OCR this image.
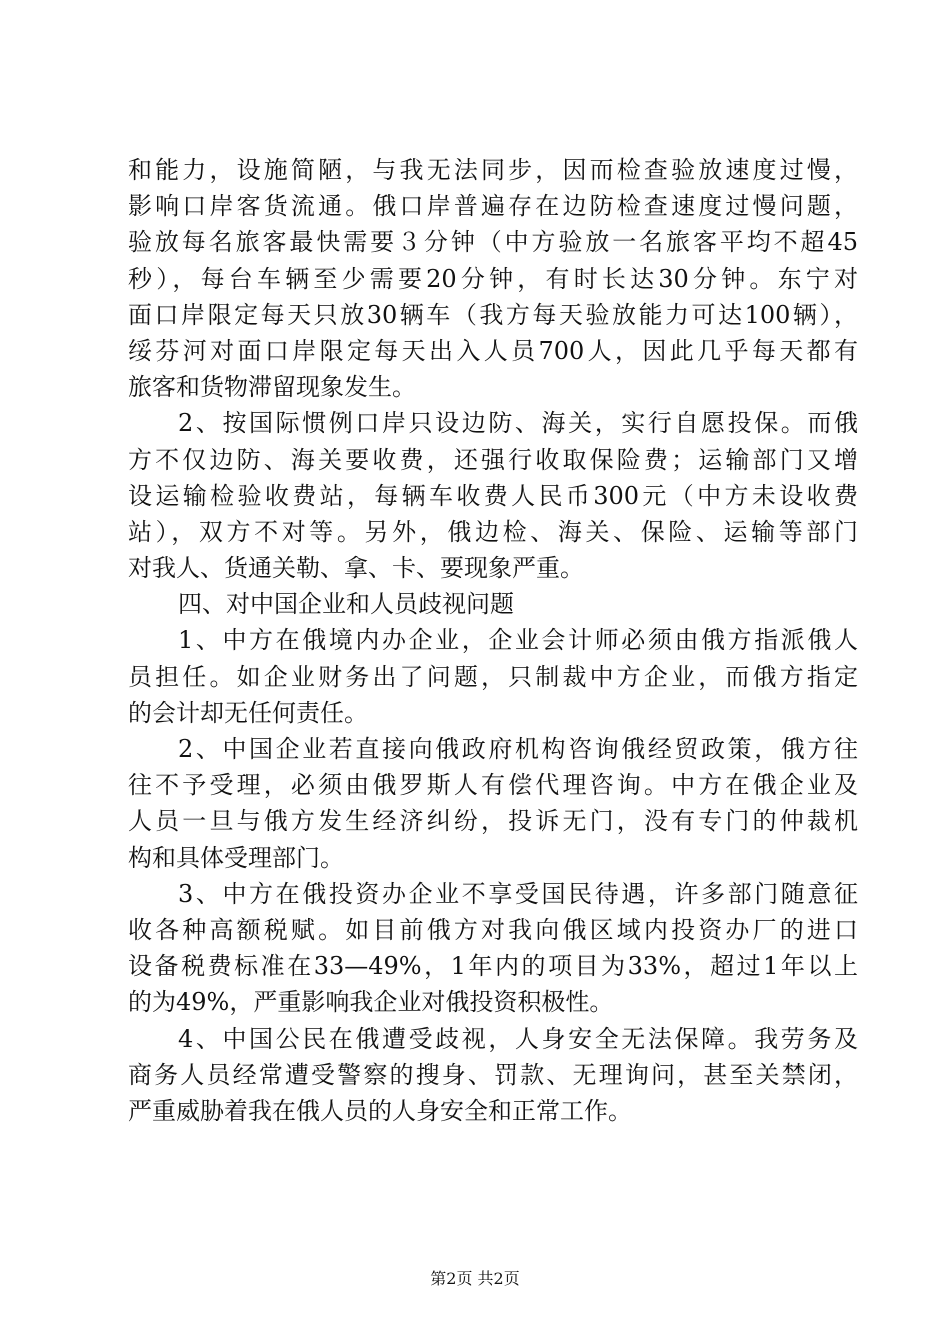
和能力，设施简陋，与我无法同步，因而检查验放速度过慢，
影响口岸客货流通。俄口岸普遍存在边防检查速度过慢问题，
验放每名旅客最快需要３分钟（中方验放一名旅客平均不超45
秒），每台车辆至少需要20分钟，有时长达30分钟。东宁对
面口岸限定每天只放30辆车（我方每天验放能力可达100辆），
绥芬河对面口岸限定每天出入人员700人，因此几乎每天都有
旅客和货物滞留现象发生。
2、按国际惯例口岸只设边防、海关，实行自愿投保。而俄
方不仅边防、海关要收费，还强行收取保险费；运输部门又增
设运输检验收费站，每辆车收费人民币300元（中方未设收费
站），双方不对等。另外，俄边检、海关、保险、运输等部门
对我人、货通关勒、拿、卡、要现象严重。
四、对中国企业和人员歧视问题
1、中方在俄境内办企业，企业会计师必须由俄方指派俄人
员担任。如企业财务出了问题，只制裁中方企业，而俄方指定
的会计却无任何责任。
2、中国企业若直接向俄政府机构咨询俄经贸政策，俄方往
往不予受理，必须由俄罗斯人有偿代理咨询。中方在俄企业及
人员一旦与俄方发生经济纠纷，投诉无门，没有专门的仲裁机
构和具体受理部门。
3、中方在俄投资办企业不享受国民待遇，许多部门随意征
收各种高额税赋。如目前俄方对我向俄区域内投资办厂的进口
设备税费标准在33—49%，1年内的项目为33%，超过1年以上
的为49%，严重影响我企业对俄投资积极性。
4、中国公民在俄遭受歧视，人身安全无法保障。我劳务及
商务人员经常遭受警察的搜身、罚款、无理询问，甚至关禁闭，
严重威胁着我在俄人员的人身安全和正常工作。
第2页 共2页
